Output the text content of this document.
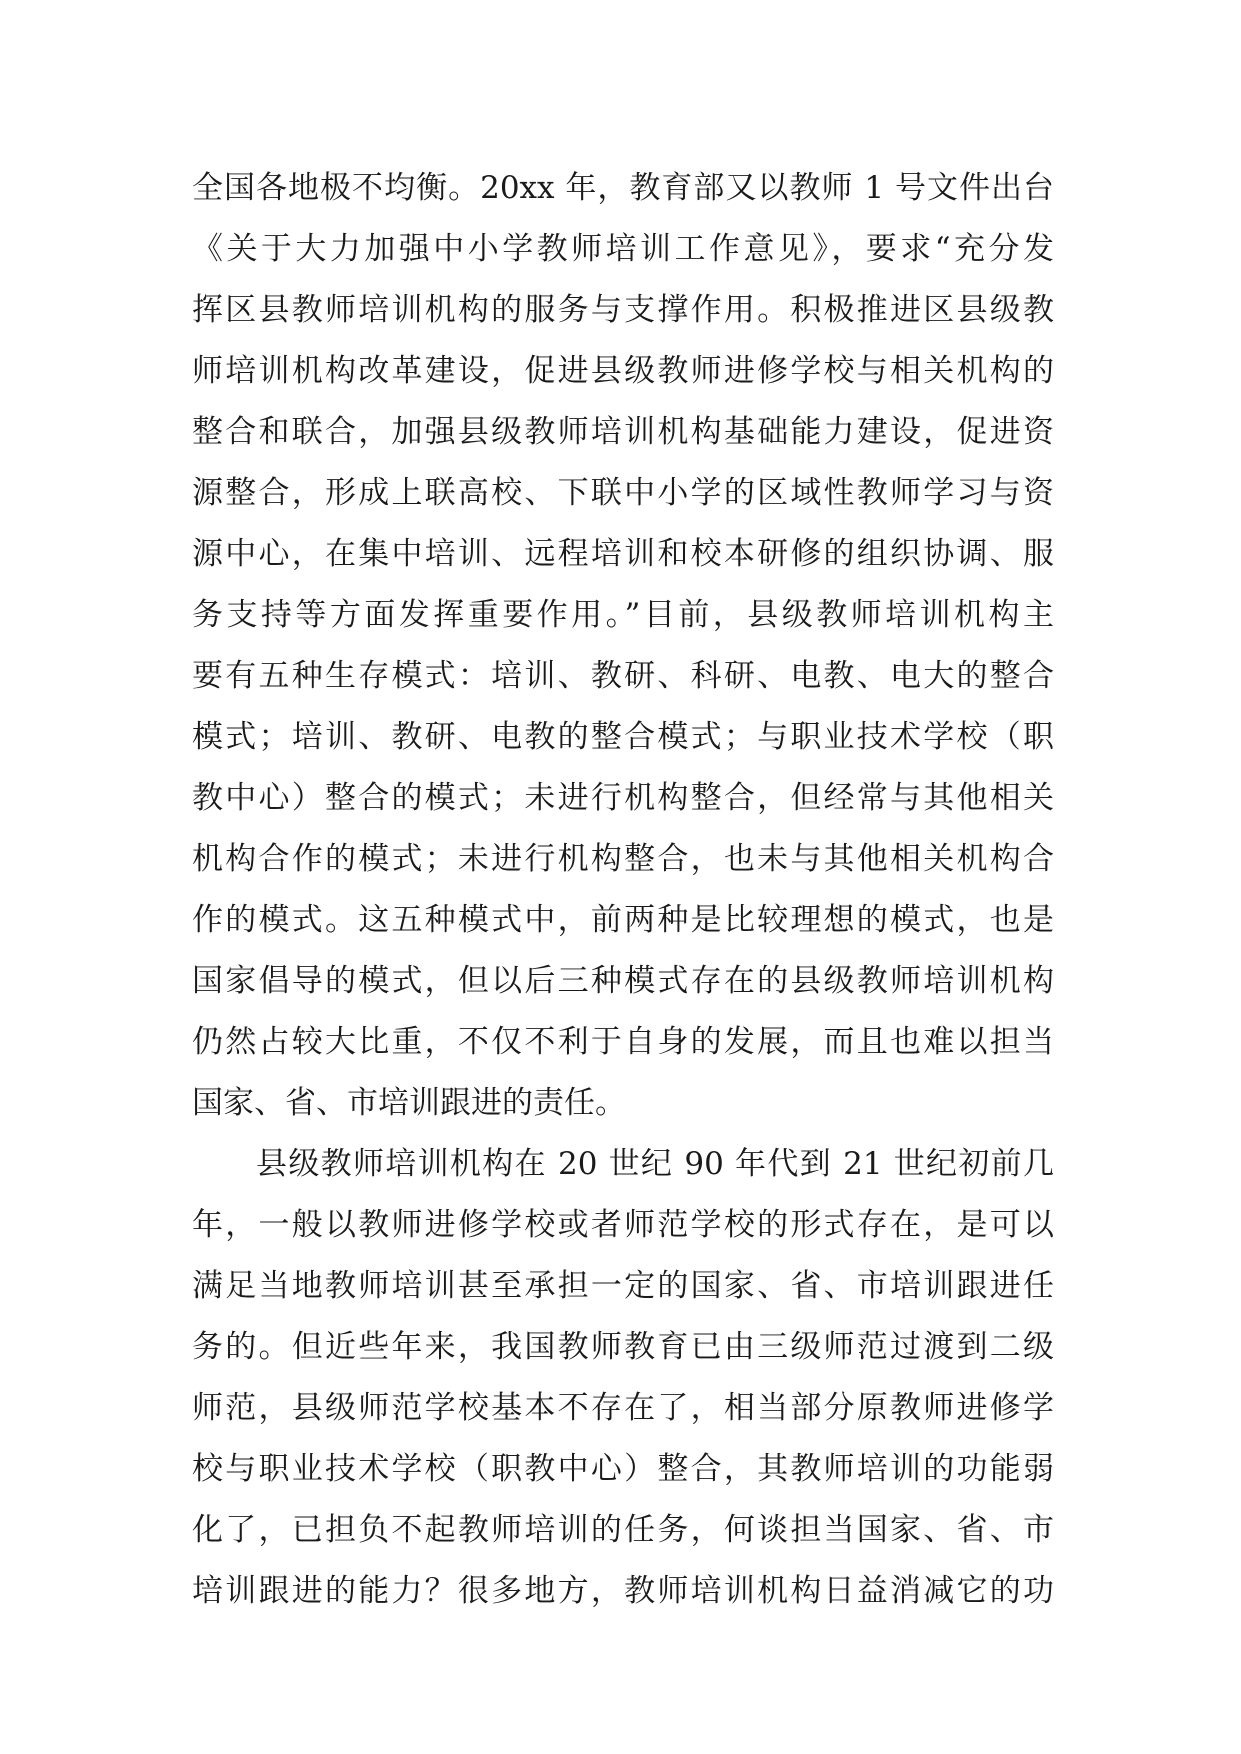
全国各地极不均衡。20xx 年，教育部又以教师 1 号文件出台
《关于大力加强中小学教师培训工作意见》，要求“充分发
挥区县教师培训机构的服务与支撑作用。积极推进区县级教
师培训机构改革建设，促进县级教师进修学校与相关机构的
整合和联合，加强县级教师培训机构基础能力建设，促进资
源整合，形成上联高校、下联中小学的区域性教师学习与资
源中心，在集中培训、远程培训和校本研修的组织协调、服
务支持等方面发挥重要作用。”目前，县级教师培训机构主
要有五种生存模式：培训、教研、科研、电教、电大的整合
模式；培训、教研、电教的整合模式；与职业技术学校（职
教中心）整合的模式；未进行机构整合，但经常与其他相关
机构合作的模式；未进行机构整合，也未与其他相关机构合
作的模式。这五种模式中，前两种是比较理想的模式，也是
国家倡导的模式，但以后三种模式存在的县级教师培训机构
仍然占较大比重，不仅不利于自身的发展，而且也难以担当
国家、省、市培训跟进的责任。
县级教师培训机构在 20 世纪 90 年代到 21 世纪初前几
年，一般以教师进修学校或者师范学校的形式存在，是可以
满足当地教师培训甚至承担一定的国家、省、市培训跟进任
务的。但近些年来，我国教师教育已由三级师范过渡到二级
师范，县级师范学校基本不存在了，相当部分原教师进修学
校与职业技术学校（职教中心）整合，其教师培训的功能弱
化了，已担负不起教师培训的任务，何谈担当国家、省、市
培训跟进的能力？很多地方，教师培训机构日益消减它的功
